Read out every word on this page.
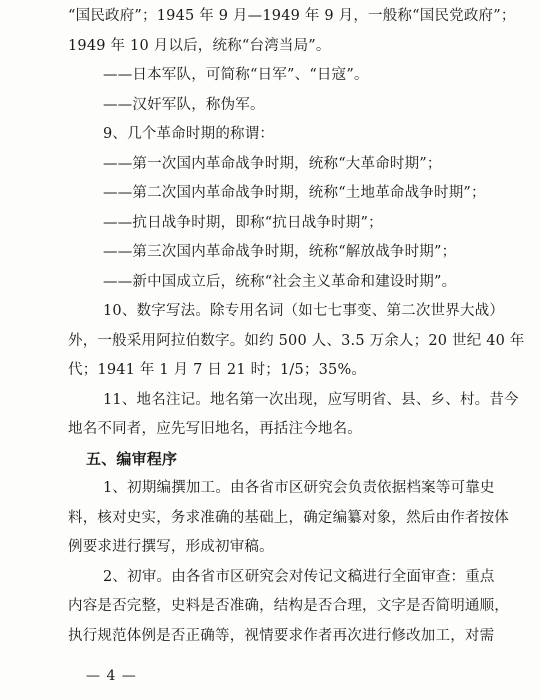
“国民政府”；1945 年 9 月—1949 年 9 月，一般称“国民党政府”；
1949 年 10 月以后，统称“台湾当局”。
——日本军队，可简称“日军”、“日寇”。
——汉奸军队，称伪军。
9、几个革命时期的称谓：
——第一次国内革命战争时期，统称“大革命时期”；
——第二次国内革命战争时期，统称“土地革命战争时期”；
——抗日战争时期，即称“抗日战争时期”；
——第三次国内革命战争时期，统称“解放战争时期”；
——新中国成立后，统称“社会主义革命和建设时期”。
10、数字写法。除专用名词（如七七事变、第二次世界大战）
外，一般采用阿拉伯数字。如约 500 人、3.5 万余人；20 世纪 40 年
代；1941 年 1 月 7 日 21 时；1/5；35%。
11、地名注记。地名第一次出现，应写明省、县、乡、村。昔今
地名不同者，应先写旧地名，再括注今地名。
五、编审程序
1、初期编撰加工。由各省市区研究会负责依据档案等可靠史
料，核对史实，务求准确的基础上，确定编纂对象，然后由作者按体
例要求进行撰写，形成初审稿。
2、初审。由各省市区研究会对传记文稿进行全面审查：重点
内容是否完整，史料是否准确，结构是否合理，文字是否简明通顺，
执行规范体例是否正确等，视情要求作者再次进行修改加工，对需
— 4 —
